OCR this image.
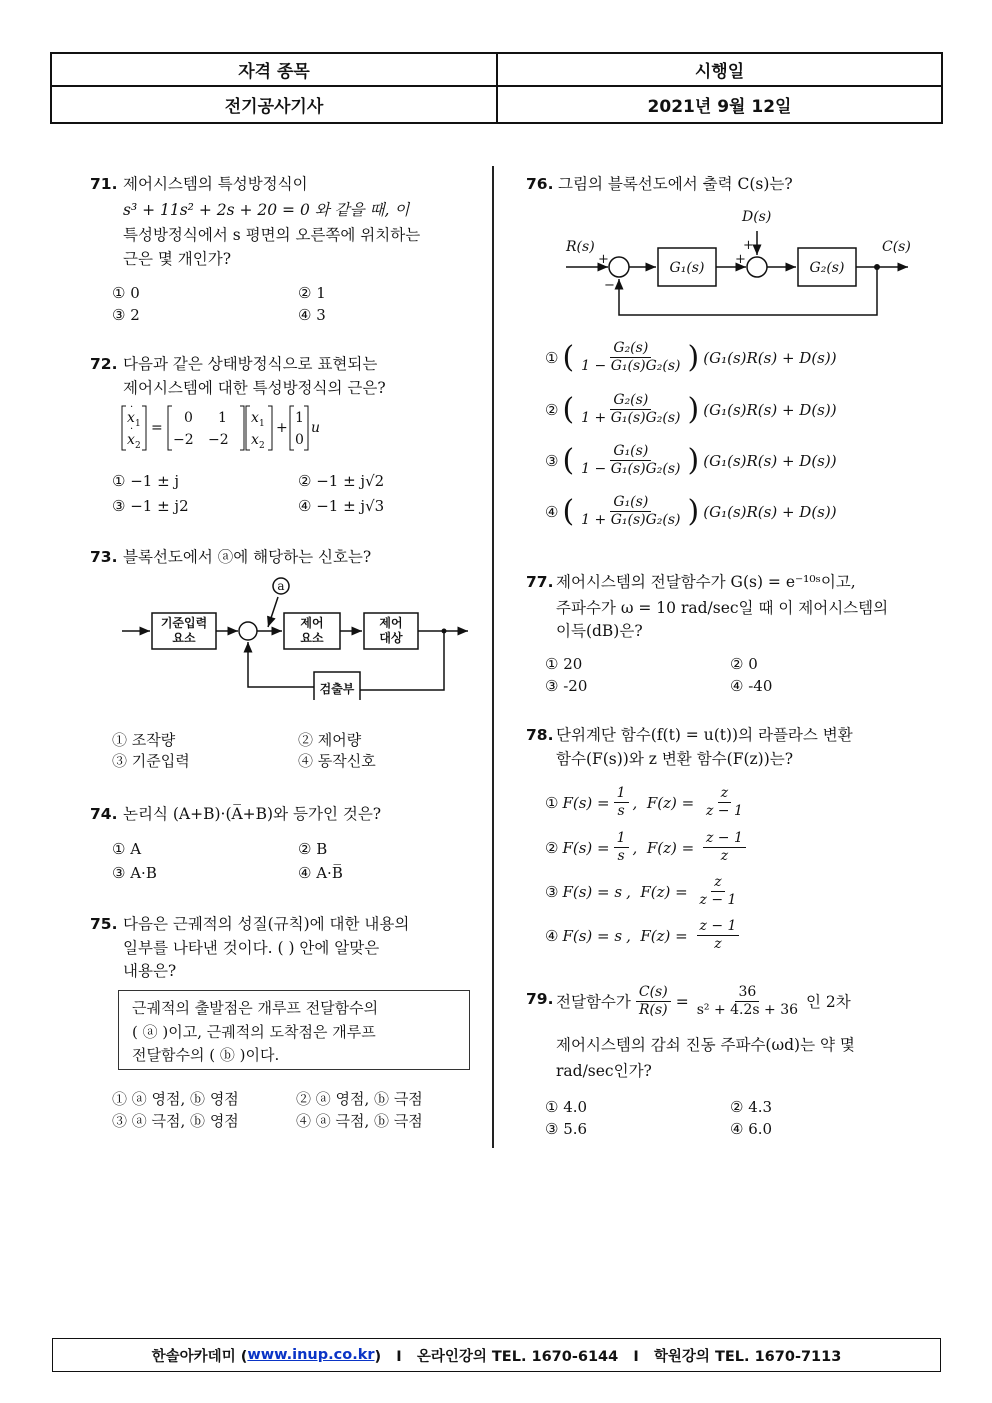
자격 종목	시행일
전기공사기사	2021년 9월 12일
71. 제어시스템의 특성방정식이
s³ + 11s² + 2s + 20 = 0 와 같을 때, 이
특성방정식에서 s 평면의 오른쪽에 위치하는
근은 몇 개인가?
① 0	② 1
③ 2	④ 3
72. 다음과 같은 상태방정식으로 표현되는
제어시스템에 대한 특성방정식의 근은?
x 1
·
x 2
· =
0 1
−2 −2
x 1
x 2
+
1
0
u
① −1 ± j	② −1 ± j√2
③ −1 ± j2	④ −1 ± j√3
73. 블록선도에서 ⓐ에 해당하는 신호는?
기준입력
요소
제어
요소
제어
대상
검출부
a
① 조작량	② 제어량
③ 기준입력	④ 동작신호
74. 논리식 (A+B)·(A̅+B)와 등가인 것은?
① A	② B
③ A·B	④ A·B̅
75. 다음은 근궤적의 성질(규칙)에 대한 내용의
일부를 나타낸 것이다. ( ) 안에 알맞은
내용은?
근궤적의 출발점은 개루프 전달함수의
( ⓐ )이고, 근궤적의 도착점은 개루프
전달함수의 ( ⓑ )이다.
① ⓐ 영점, ⓑ 영점	② ⓐ 영점, ⓑ 극점
③ ⓐ 극점, ⓑ 영점	④ ⓐ 극점, ⓑ 극점
76. 그림의 블록선도에서 출력 C(s)는?
R(s)
D(s)
C(s)
G₁(s)	G₂(s)
+
−
+
+
① ( $\frac{\text{G₂(s)}}{\text{1 − G₁(s)G₂(s)}}$ ) (G₁(s)R(s) + D(s))
② ( $\frac{\text{G₂(s)}}{\text{1 + G₁(s)G₂(s)}}$ ) (G₁(s)R(s) + D(s))
③ ( $\frac{\text{G₁(s)}}{\text{1 − G₁(s)G₂(s)}}$ ) (G₁(s)R(s) + D(s))
④ ( $\frac{\text{G₁(s)}}{\text{1 + G₁(s)G₂(s)}}$ ) (G₁(s)R(s) + D(s))
77. 제어시스템의 전달함수가 G(s) = e⁻¹⁰ˢ이고,
주파수가 ω = 10 rad/sec일 때 이 제어시스템의
이득(dB)은?
① 20	② 0
③ -20	④ -40
78. 단위계단 함수(f(t) = u(t))의 라플라스 변환
함수(F(s))와 z 변환 함수(F(z))는?
① $F(s) = \frac{1}{s}$ ,  $F(z) = \frac{z}{z - 1}$
② $F(s) = \frac{1}{s}$ ,  $F(z) = \frac{z - 1}{z}$
③ F(s) = s ,  $F(z) = \frac{z}{z - 1}$
④ F(s) = s ,  $F(z) = \frac{z - 1}{z}$
79. 전달함수가 $\frac{C(s)}{R(s)} = \frac{36}{\text{s² + 4.2s + 36}}$ 인 2차
제어시스템의 감쇠 진동 주파수(ωd)는 약 몇
rad/sec인가?
① 4.0	② 4.3
③ 5.6	④ 6.0
한솔아카데미 ( www.inup.co.kr )   I   온라인강의 TEL. 1670-6144   I   학원강의 TEL. 1670-7113
